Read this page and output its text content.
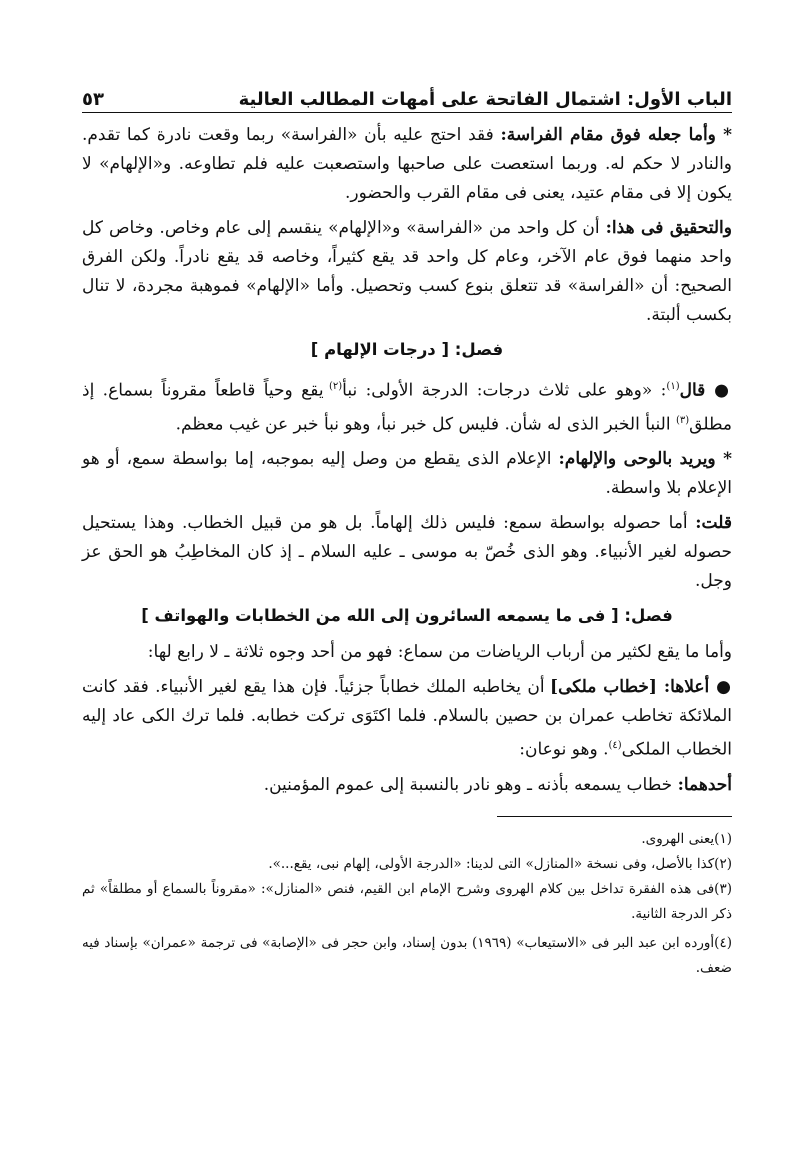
الباب الأول: اشتمال الفاتحة على أمهات المطالب العالية
٥٣

* وأما جعله فوق مقام الفراسة: فقد احتج عليه بأن «الفراسة» ربما وقعت نادرة كما تقدم. والنادر لا حكم له. وربما استعصت على صاحبها واستصعبت عليه فلم تطاوعه. و«الإلهام» لا يكون إلا فى مقام عتيد، يعنى فى مقام القرب والحضور.

والتحقيق فى هذا: أن كل واحد من «الفراسة» و«الإلهام» ينقسم إلى عام وخاص. وخاص كل واحد منهما فوق عام الآخر، وعام كل واحد قد يقع كثيراً، وخاصه قد يقع نادراً. ولكن الفرق الصحيح: أن «الفراسة» قد تتعلق بنوع كسب وتحصيل. وأما «الإلهام» فموهبة مجردة، لا تنال بكسب ألبتة.

فصل: [ درجات الإلهام ]

● قال$^{(١)}$: «وهو على ثلاث درجات: الدرجة الأولى: نبأ$^{(٢)}$ يقع وحياً قاطعاً مقروناً بسماع. إذ مطلق$^{(٣)}$ النبأ الخبر الذى له شأن. فليس كل خبر نبأ، وهو نبأ خبر عن غيب معظم.

* ويريد بالوحى والإلهام: الإعلام الذى يقطع من وصل إليه بموجبه، إما بواسطة سمع، أو هو الإعلام بلا واسطة.

قلت: أما حصوله بواسطة سمع: فليس ذلك إلهاماً. بل هو من قبيل الخطاب. وهذا يستحيل حصوله لغير الأنبياء. وهو الذى خُصّ به موسى ـ عليه السلام ـ إذ كان المخاطِبُ هو الحق عز وجل.

فصل: [ فى ما يسمعه السائرون إلى الله من الخطابات والهواتف ]

وأما ما يقع لكثير من أرباب الرياضات من سماع: فهو من أحد وجوه ثلاثة ـ لا رابع لها:

● أعلاها: [خطاب ملكى] أن يخاطبه الملك خطاباً جزئياً. فإن هذا يقع لغير الأنبياء. فقد كانت الملائكة تخاطب عمران بن حصين بالسلام. فلما اكتَوَى تركت خطابه. فلما ترك الكى عاد إليه الخطاب الملكى$^{(٤)}$. وهو نوعان:

أحدهما: خطاب يسمعه بأذنه ـ وهو نادر بالنسبة إلى عموم المؤمنين.

(١)يعنى الهروى.

(٢)كذا بالأصل، وفى نسخة «المنازل» التى لدينا: «الدرجة الأولى، إلهام نبى، يقع...».

(٣)فى هذه الفقرة تداخل بين كلام الهروى وشرح الإمام ابن القيم، فنص «المنازل»: «مقروناً بالسماع أو مطلقاً» ثم ذكر الدرجة الثانية.

(٤)أورده ابن عبد البر فى «الاستيعاب» (١٩٦٩) بدون إسناد، وابن حجر فى «الإصابة» فى ترجمة «عمران» بإسناد فيه ضعف.
